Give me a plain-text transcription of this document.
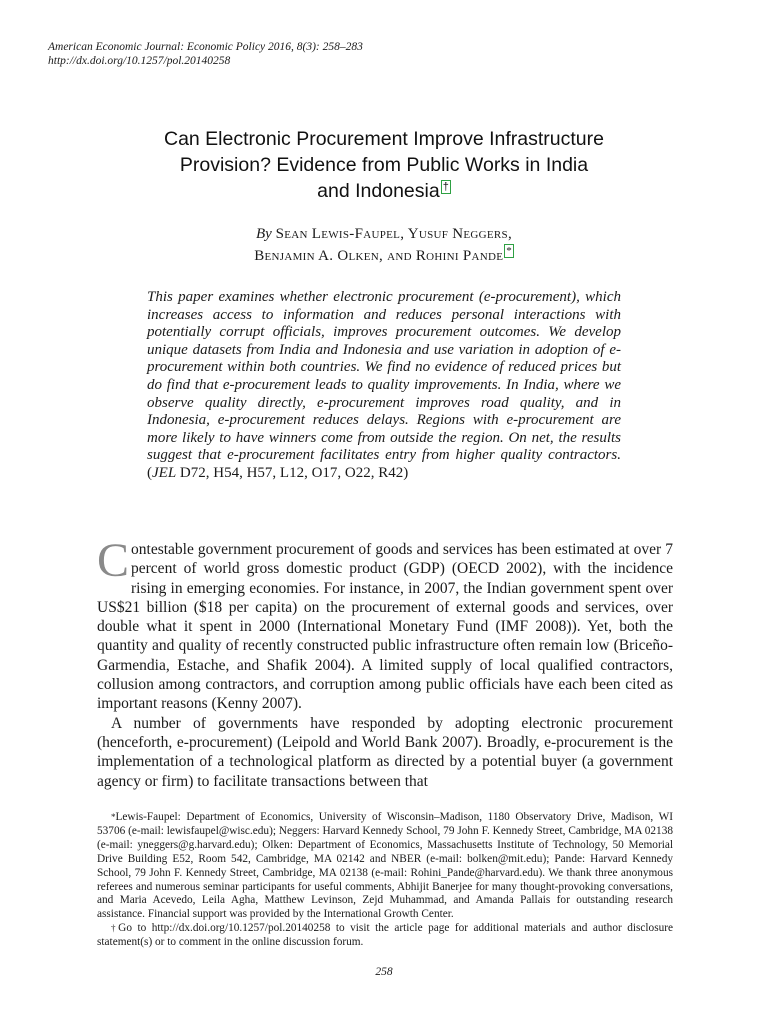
American Economic Journal: Economic Policy 2016, 8(3): 258–283
http://dx.doi.org/10.1257/pol.20140258
Can Electronic Procurement Improve Infrastructure
Provision? Evidence from Public Works in India
and Indonesia †
By Sean Lewis-Faupel, Yusuf Neggers,
Benjamin A. Olken, and Rohini Pande *
This paper examines whether electronic procurement (e-procurement), which increases access to information and reduces personal interactions with potentially corrupt officials, improves procurement outcomes. We develop unique datasets from India and Indonesia and use variation in adoption of e-procurement within both countries. We find no evidence of reduced prices but do find that e-procurement leads to quality improvements. In India, where we observe quality directly, e-procurement improves road quality, and in Indonesia, e-procurement reduces delays. Regions with e-procurement are more likely to have winners come from outside the region. On net, the results suggest that e-procurement facilitates entry from higher quality contractors. (JEL D72, H54, H57, L12, O17, O22, R42)

Contestable government procurement of goods and services has been estimated at over 7 percent of world gross domestic product (GDP) (OECD 2002), with the incidence rising in emerging economies. For instance, in 2007, the Indian government spent over US$21 billion ($18 per capita) on the procurement of external goods and services, over double what it spent in 2000 (International Monetary Fund (IMF 2008)). Yet, both the quantity and quality of recently constructed public infrastructure often remain low (Briceño-Garmendia, Estache, and Shafik 2004). A limited supply of local qualified contractors, collusion among contractors, and corruption among public officials have each been cited as important reasons (Kenny 2007).

A number of governments have responded by adopting electronic procurement (henceforth, e-procurement) (Leipold and World Bank 2007). Broadly, e-procurement is the implementation of a technological platform as directed by a potential buyer (a government agency or firm) to facilitate transactions between that

*Lewis-Faupel: Department of Economics, University of Wisconsin–Madison, 1180 Observatory Drive, Madison, WI 53706 (e-mail: lewisfaupel@wisc.edu); Neggers: Harvard Kennedy School, 79 John F. Kennedy Street, Cambridge, MA 02138 (e-mail: yneggers@g.harvard.edu); Olken: Department of Economics, Massachusetts Institute of Technology, 50 Memorial Drive Building E52, Room 542, Cambridge, MA 02142 and NBER (e-mail: bolken@mit.edu); Pande: Harvard Kennedy School, 79 John F. Kennedy Street, Cambridge, MA 02138 (e-mail: Rohini_Pande@harvard.edu). We thank three anonymous referees and numerous seminar participants for useful comments, Abhijit Banerjee for many thought-provoking conversations, and Maria Acevedo, Leila Agha, Matthew Levinson, Zejd Muhammad, and Amanda Pallais for outstanding research assistance. Financial support was provided by the International Growth Center.

†Go to http://dx.doi.org/10.1257/pol.20140258 to visit the article page for additional materials and author disclosure statement(s) or to comment in the online discussion forum.

258
